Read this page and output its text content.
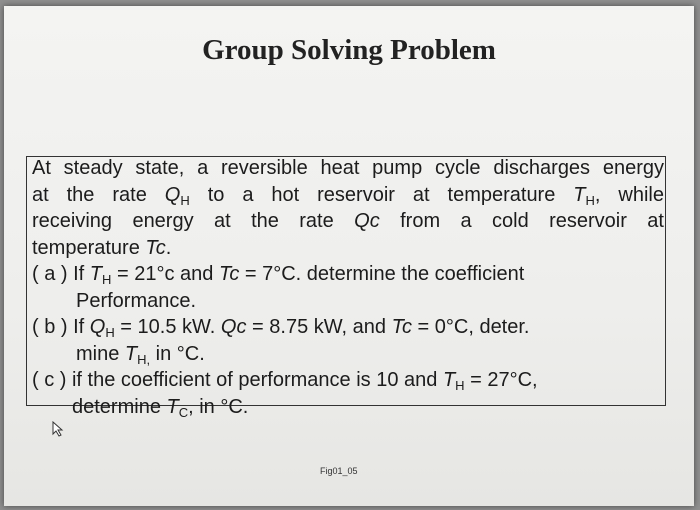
Group Solving Problem
At steady state, a reversible heat pump cycle discharges energy
at the rate $Q_H$ to a hot reservoir at temperature $T_H$, while
receiving energy at the rate Qc from a cold reservoir at
temperature Tc.
( a ) If $T_H = 21^\circ c$ and Tc = 7°C. determine the coefficient
Performance.
( b ) If $Q_H = 10.5$ kW. Qc = 8.75 kW, and Tc = 0°C, deter.
mine $T_{H,}$ in °C.
( c ) if the coefficient of performance is 10 and $T_H = 27^\circ C$,
determine $T_C$, in °C.
Fig01_05
